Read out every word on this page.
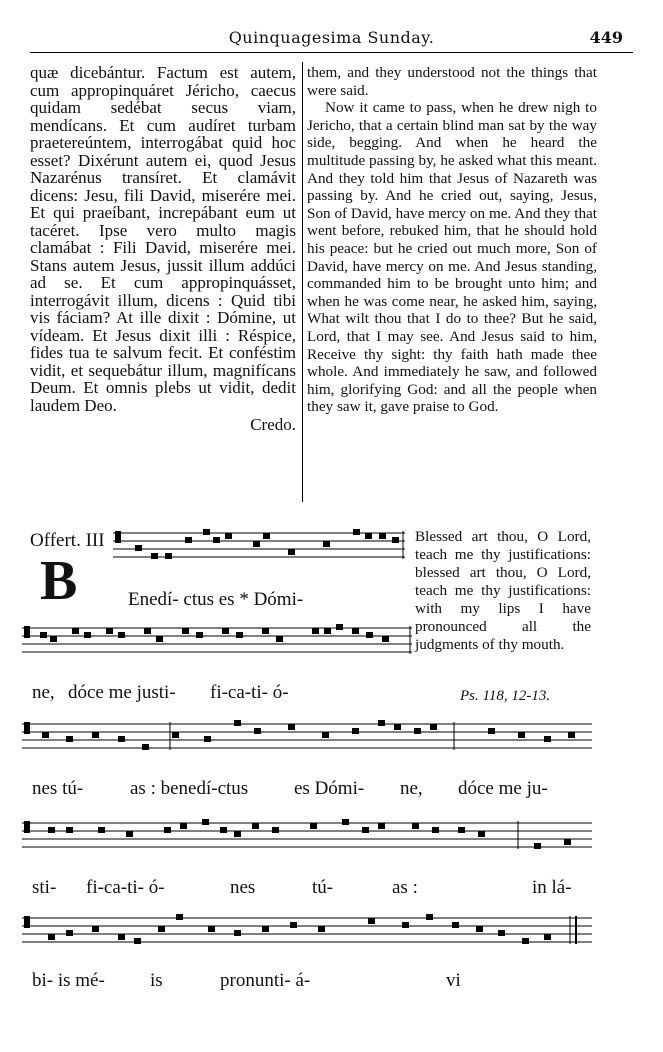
Quinquagesima Sunday.	449
quæ dicebántur. Factum est autem, cum appropinquáret Jéricho, caecus quidam sedébat secus viam, mendícans. Et cum audíret turbam praetereúntem, interrogábat quid hoc esset? Dixérunt autem ei, quod Jesus Nazarénus transíret. Et clamávit dicens: Jesu, fili David, miserére mei. Et qui praeíbant, increpábant eum ut tacéret. Ipse vero multo magis clamábat : Fili David, miserére mei. Stans autem Jesus, jussit illum addúci ad se. Et cum appropinquásset, interrogávit illum, dicens : Quid tibi vis fáciam? At ille dixit : Dómine, ut vídeam. Et Jesus dixit illi : Réspice, fides tua te salvum fecit. Et conféstim vidit, et sequebátur illum, magnifícans Deum. Et omnis plebs ut vidit, dedit laudem Deo.
Credo.

them, and they understood not the things that were said.

Now it came to pass, when he drew nigh to Jericho, that a certain blind man sat by the way side, begging. And when he heard the multitude passing by, he asked what this meant. And they told him that Jesus of Nazareth was passing by. And he cried out, saying, Jesus, Son of David, have mercy on me. And they that went before, rebuked him, that he should hold his peace: but he cried out much more, Son of David, have mercy on me. And Jesus standing, commanded him to be brought unto him; and when he was come near, he asked him, saying, What wilt thou that I do to thee? But he said, Lord, that I may see. And Jesus said to him, Receive thy sight: thy faith hath made thee whole. And immediately he saw, and followed him, glorifying God: and all the people when they saw it, gave praise to God.

Offert. III
B
Blessed art thou, O Lord, teach me thy justifications: blessed art thou, O Lord, teach me thy justifications: with my lips I have pronounced all the judgments of thy mouth.
Ps. 118, 12-13.
Enedí- ctus es * Dómi-
ne, dóce me justi- fi-ca-ti- ó-
nes tú- as : benedí-ctus es Dómi- ne, dóce me ju-
sti- fi-ca-ti- ó-	nes	tú-	as :	in lá-
bi- is mé- is	pronunti- á-	vi
